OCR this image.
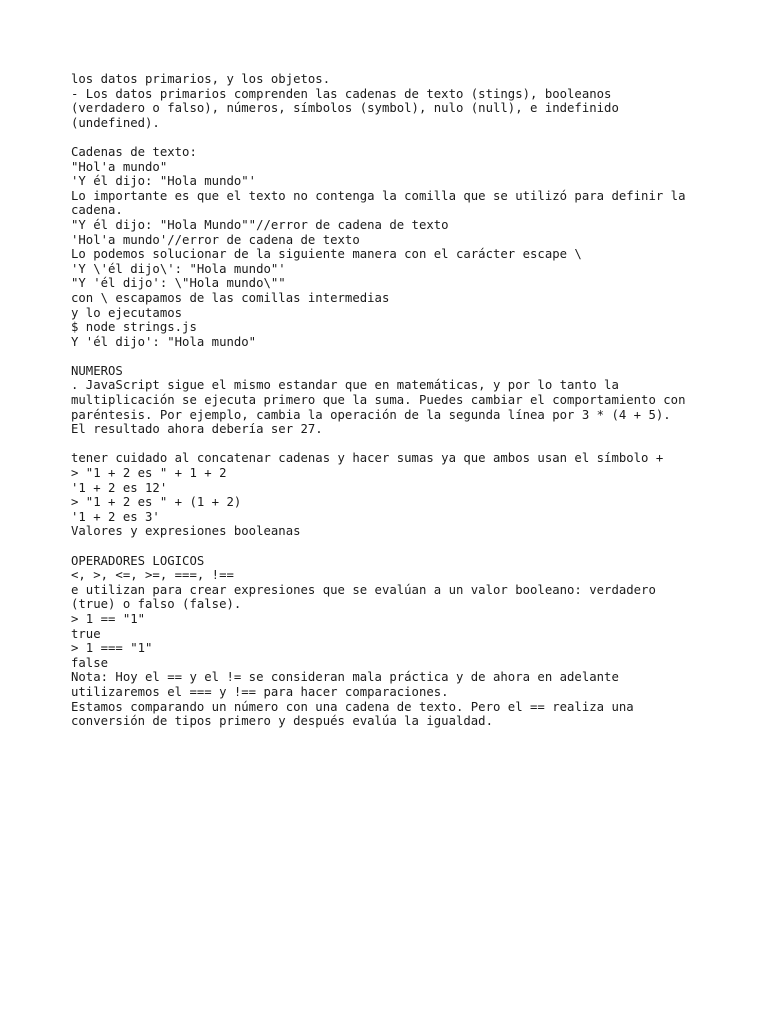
los datos primarios, y los objetos.
- Los datos primarios comprenden las cadenas de texto (stings), booleanos
(verdadero o falso), números, símbolos (symbol), nulo (null), e indefinido
(undefined).
Cadenas de texto:
"Hol'a mundo"
'Y él dijo: "Hola mundo"'
Lo importante es que el texto no contenga la comilla que se utilizó para definir la
cadena.
"Y él dijo: "Hola Mundo""//error de cadena de texto
'Hol'a mundo'//error de cadena de texto
Lo podemos solucionar de la siguiente manera con el carácter escape \
'Y \'él dijo\': "Hola mundo"'
"Y 'él dijo': \"Hola mundo\""
con \ escapamos de las comillas intermedias
y lo ejecutamos
$ node strings.js
Y 'él dijo': "Hola mundo"
NUMEROS
. JavaScript sigue el mismo estandar que en matemáticas, y por lo tanto la
multiplicación se ejecuta primero que la suma. Puedes cambiar el comportamiento con
paréntesis. Por ejemplo, cambia la operación de la segunda línea por 3 * (4 + 5).
El resultado ahora debería ser 27.
tener cuidado al concatenar cadenas y hacer sumas ya que ambos usan el símbolo +
> "1 + 2 es " + 1 + 2
'1 + 2 es 12'
> "1 + 2 es " + (1 + 2)
'1 + 2 es 3'
Valores y expresiones booleanas
OPERADORES LOGICOS
<, >, <=, >=, ===, !==
e utilizan para crear expresiones que se evalúan a un valor booleano: verdadero
(true) o falso (false).
> 1 == "1"
true
> 1 === "1"
false
Nota: Hoy el == y el != se consideran mala práctica y de ahora en adelante
utilizaremos el === y !== para hacer comparaciones.
Estamos comparando un número con una cadena de texto. Pero el == realiza una
conversión de tipos primero y después evalúa la igualdad.
